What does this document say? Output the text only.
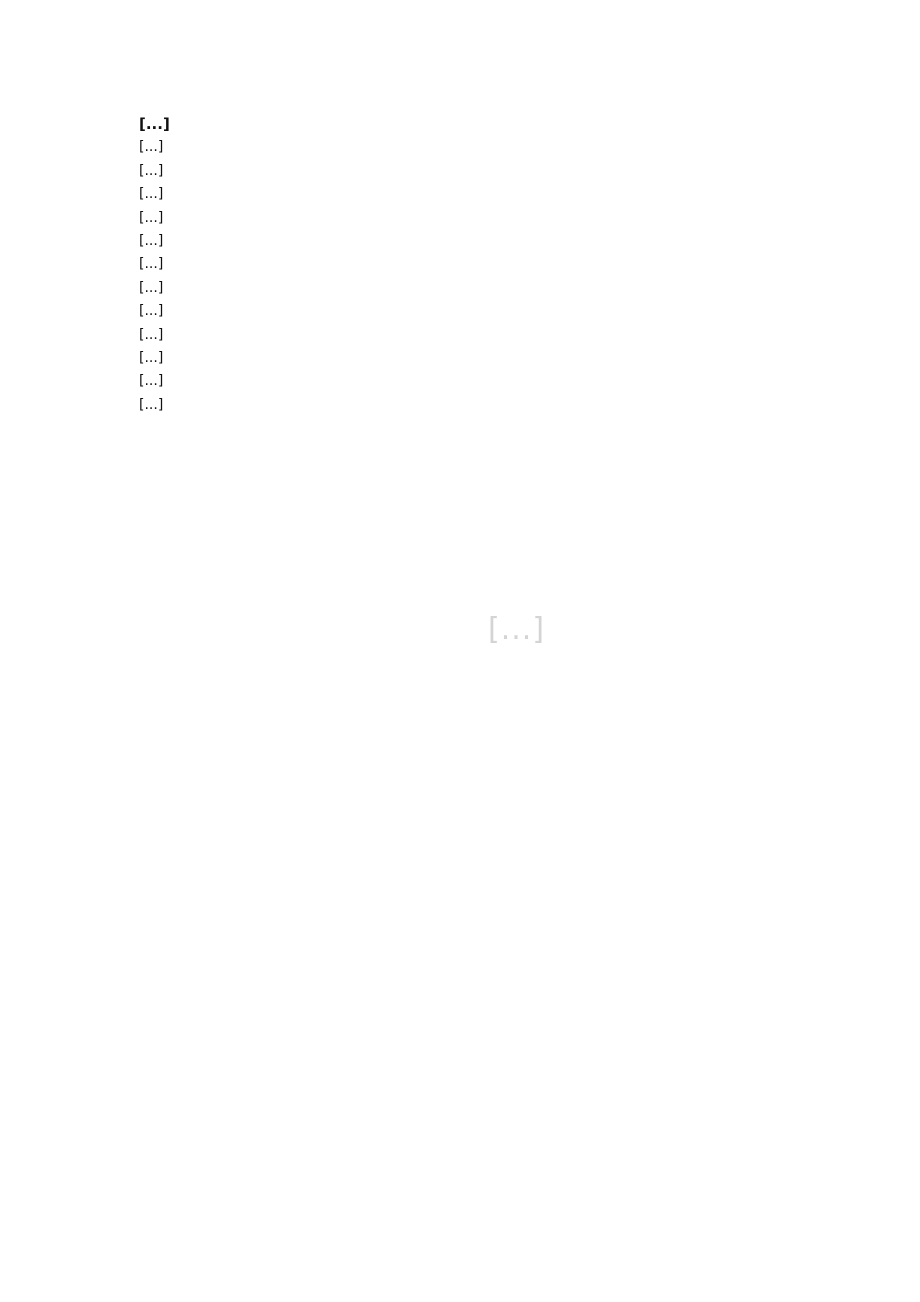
[...]

[...]

[...]

[...]

[...]

[...]

[...]

[...]

[...]

[...]

[...]

[...]

[...]

[...]
